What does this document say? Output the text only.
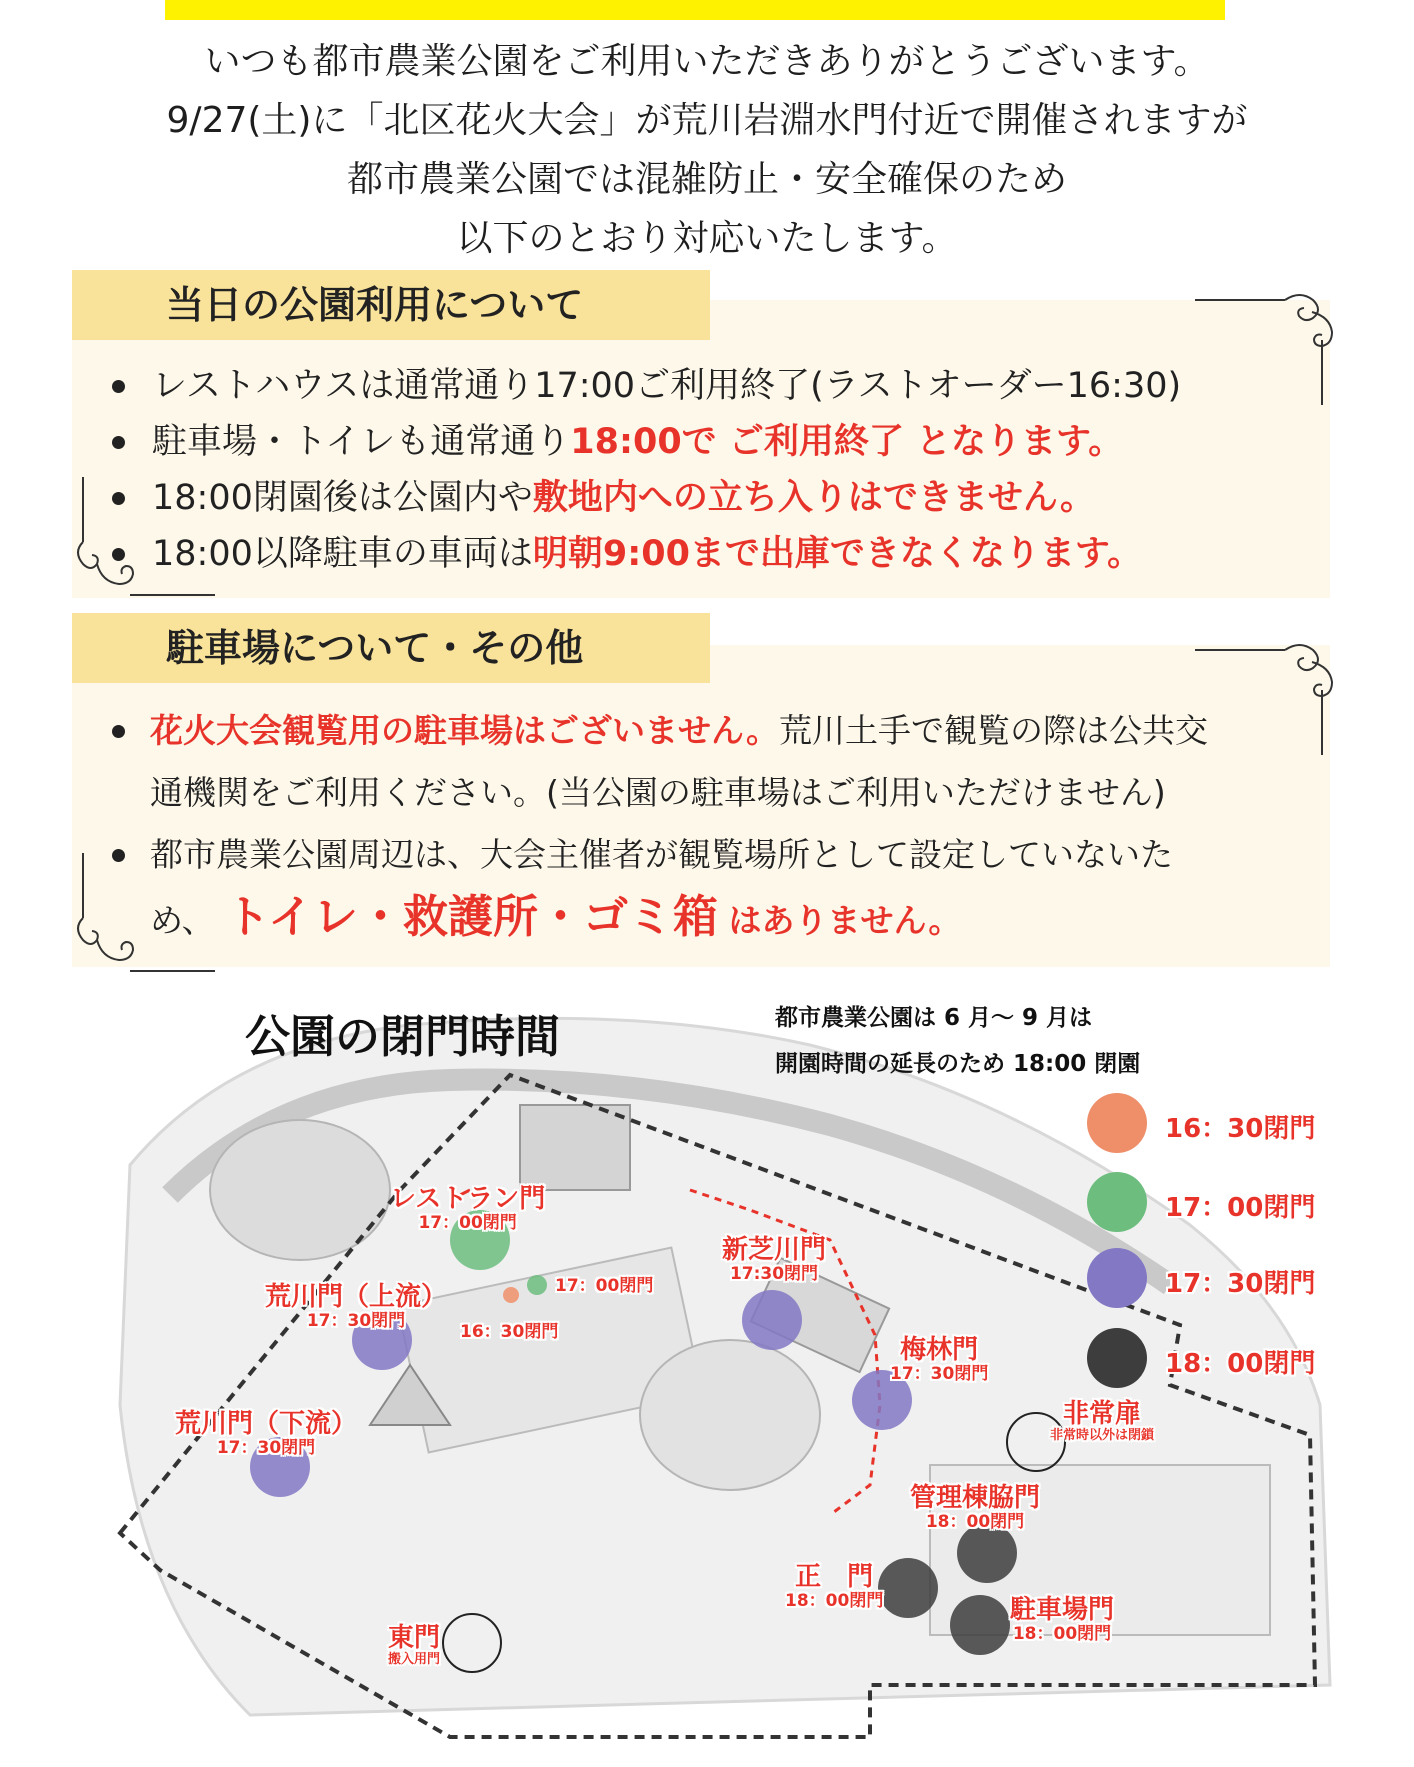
いつも都市農業公園をご利用いただきありがとうございます。
9/27(土)に「北区花火大会」が荒川岩淵水門付近で開催されますが
都市農業公園では混雑防止・安全確保のため
以下のとおり対応いたします。
当日の公園利用について
レストハウスは通常通り17:00ご利用終了(ラストオーダー16:30)
駐車場・トイレも通常通り18:00で ご利用終了 となります。
18:00閉園後は公園内や敷地内への立ち入りはできません。
18:00以降駐車の車両は明朝9:00まで出庫できなくなります。
駐車場について・その他
花火大会観覧用の駐車場はございません。荒川土手で観覧の際は公共交
通機関をご利用ください。(当公園の駐車場はご利用いただけません)
都市農業公園周辺は、大会主催者が観覧場所として設定していないた
め、 トイレ・救護所・ゴミ箱 はありません。
公園の閉門時間	都市農業公園は 6 月～ 9 月は
開園時間の延長のため 18:00 閉園
16：30閉門
17：00閉門
17：30閉門
18：00閉門
レストラン門
17：00閉門
17：00閉門
16：30閉門
荒川門（上流）
17：30閉門
荒川門（下流）
17：30閉門
新芝川門
17:30閉門
梅林門
17：30閉門
非常扉
非常時以外は閉鎖
管理棟脇門
18：00閉門
正　門
18：00閉門	駐車場門
18：00閉門
東門
搬入用門
